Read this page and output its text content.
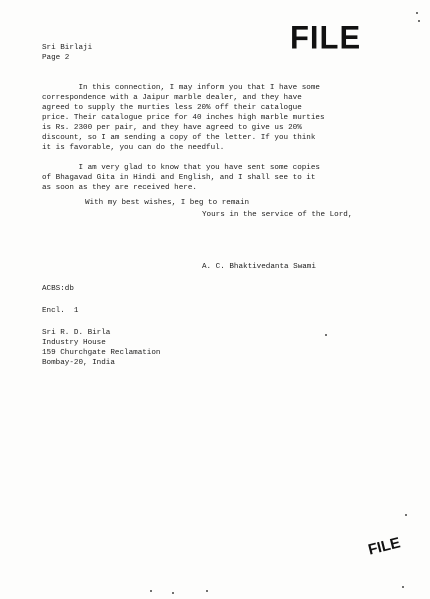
FILE
Sri Birlaji
Page 2
In this connection, I may inform you that I have some
correspondence with a Jaipur marble dealer, and they have
agreed to supply the murties less 20% off their catalogue
price. Their catalogue price for 40 inches high marble murties
is Rs. 2300 per pair, and they have agreed to give us 20%
discount, so I am sending a copy of the letter. If you think
it is favorable, you can do the needful.
I am very glad to know that you have sent some copies
of Bhagavad Gita in Hindi and English, and I shall see to it
as soon as they are received here.
With my best wishes, I beg to remain
Yours in the service of the Lord,
A. C. Bhaktivedanta Swami
ACBS:db
Encl.  1
Sri R. D. Birla
Industry House
159 Churchgate Reclamation
Bombay-20, India
FILE
